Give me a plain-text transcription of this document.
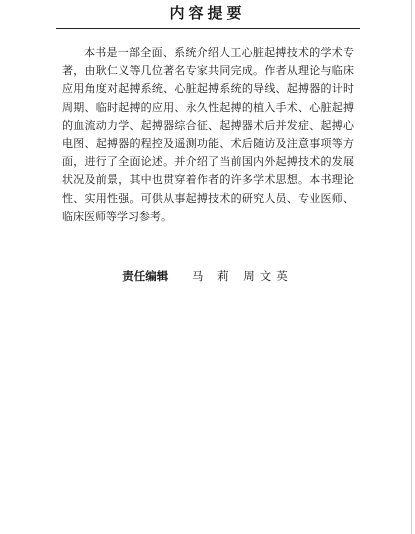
内容提要

本书是一部全面、系统介绍人工心脏起搏技术的学术专著，由耿仁义等几位著名专家共同完成。作者从理论与临床应用角度对起搏系统、心脏起搏系统的导线、起搏器的计时周期、临时起搏的应用、永久性起搏的植入手术、心脏起搏的血流动力学、起搏器综合征、起搏器术后并发症、起搏心电图、起搏器的程控及遥测功能、术后随访及注意事项等方面，进行了全面论述。并介绍了当前国内外起搏技术的发展状况及前景，其中也贯穿着作者的许多学术思想。本书理论性、实用性强。可供从事起搏技术的研究人员、专业医师、临床医师等学习参考。

责任编辑 马 莉 周文英
